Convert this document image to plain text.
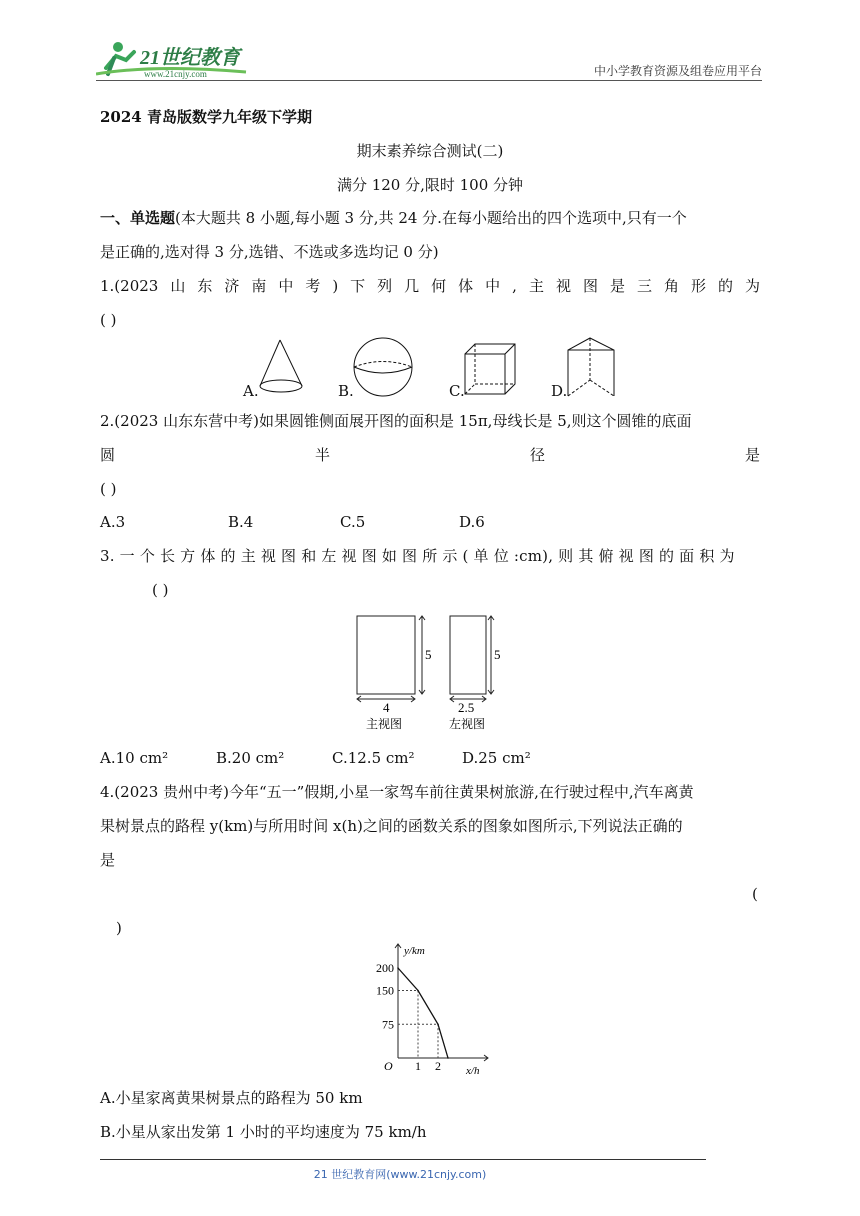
21世纪教育
www.21cnjy.com	中小学教育资源及组卷应用平台
2024 青岛版数学九年级下学期
期末素养综合测试(二)
满分 120 分,限时 100 分钟
一、单选题(本大题共 8 小题,每小题 3 分,共 24 分.在每小题给出的四个选项中,只有一个
是正确的,选对得 3 分,选错、不选或多选均记 0 分)
1.(2023 山 东 济 南 中 考 ) 下 列 几 何 体 中 , 主 视 图 是 三 角 形 的 为
( )
A.	B.	C.	D.
2.(2023 山东东营中考)如果圆锥侧面展开图的面积是 15π,母线长是 5,则这个圆锥的底面
圆	半	径	是
( )
A.3	B.4	C.5	D.6
3. 一 个 长 方 体 的 主 视 图 和 左 视 图 如 图 所 示 ( 单 位 :cm), 则 其 俯 视 图 的 面 积 为
( )
5
4
主视图
5
2.5
左视图
A.10 cm²	B.20 cm²	C.12.5 cm²	D.25 cm²
4.(2023 贵州中考)今年“五一”假期,小星一家驾车前往黄果树旅游,在行驶过程中,汽车离黄
果树景点的路程 y(km)与所用时间 x(h)之间的函数关系的图象如图所示,下列说法正确的
是
(
)
y/km
x/h
O
200
150
75
1 2
A.小星家离黄果树景点的路程为 50 km
B.小星从家出发第 1 小时的平均速度为 75 km/h
21 世纪教育网(www.21cnjy.com)
